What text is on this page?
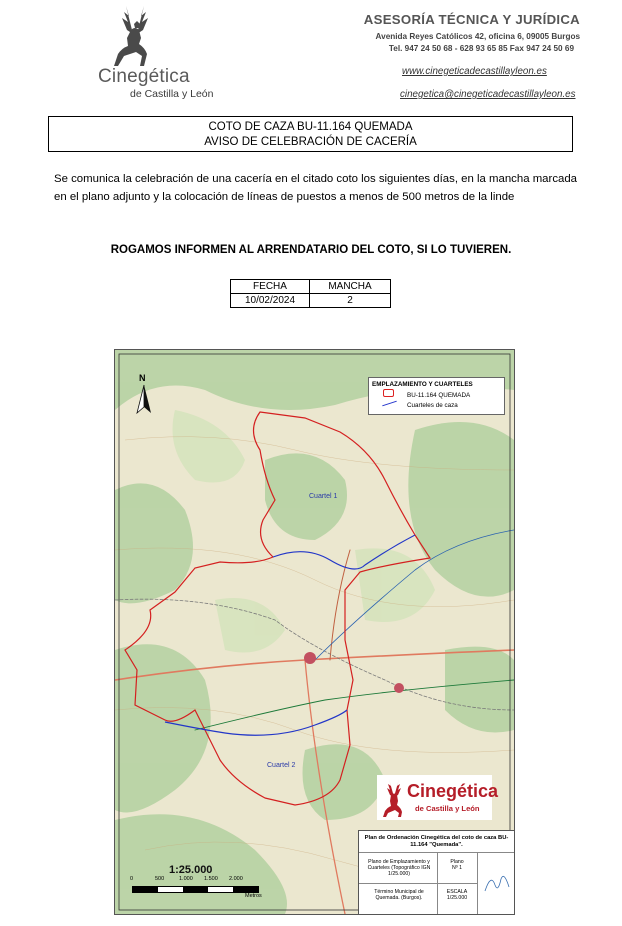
Cinegética
de Castilla y León
ASESORÍA TÉCNICA Y JURÍDICA
Avenida Reyes Católicos 42, oficina 6, 09005 Burgos
Tel. 947 24 50 68 - 628 93 65 85 Fax 947 24 50 69
www.cinegeticadecastillayleon.es
cinegetica@cinegeticadecastillayleon.es
COTO DE CAZA BU-11.164 QUEMADA
AVISO DE CELEBRACIÓN DE CACERÍA
Se comunica la celebración de una cacería en el citado coto los siguientes días, en la mancha marcada en el plano adjunto y la colocación de líneas de puestos a menos de 500 metros de la linde
ROGAMOS INFORMEN AL ARRENDATARIO DEL COTO, SI LO TUVIEREN.
FECHA	MANCHA
10/02/2024	2
Cuartel 1
Cuartel 2
N
EMPLAZAMIENTO Y CUARTELES
BU-11.164 QUEMADA
Cuarteles de caza
Cinegética
de Castilla y León
Plan de Ordenación Cinegética del coto de caza BU-11.164 "Quemada".
Plano de Emplazamiento y Cuarteles (Topográfico IGN 1/25.000)
Plano
Nº 1
Término Municipal de Quemada. (Burgos).
ESCALA
1/25.000
1:25.000
0	500	1.000 1.500 2.000
Metros
